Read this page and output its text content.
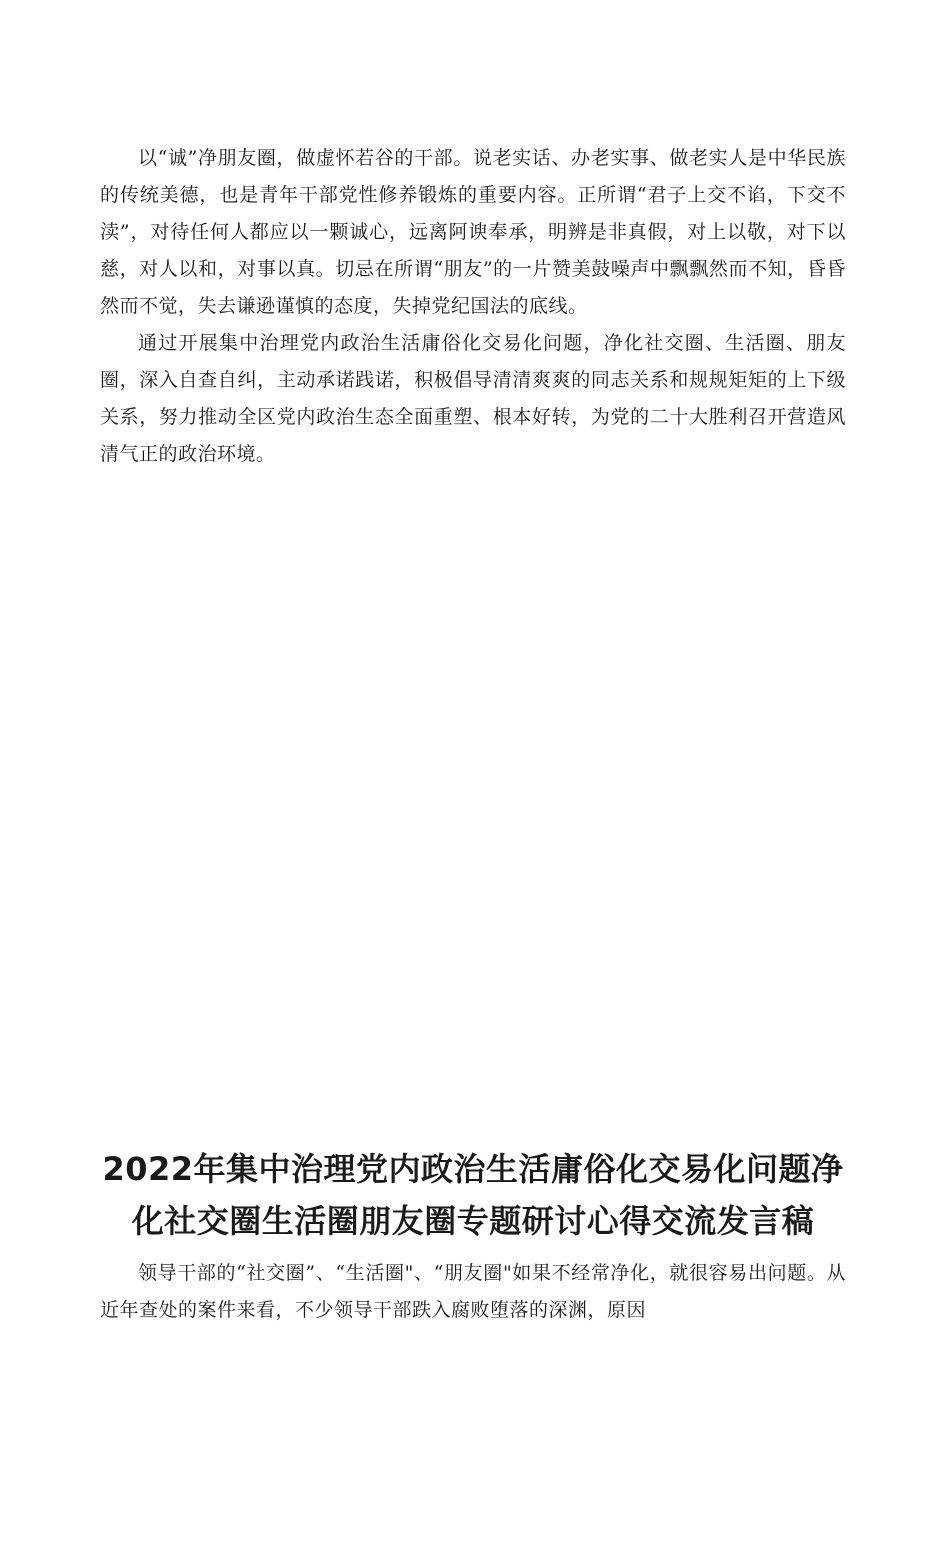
以“诚”净朋友圈，做虚怀若谷的干部。说老实话、办老实事、做老实人是中华民族的传统美德，也是青年干部党性修养锻炼的重要内容。正所谓“君子上交不谄，下交不渎”，对待任何人都应以一颗诚心，远离阿谀奉承，明辨是非真假，对上以敬，对下以慈，对人以和，对事以真。切忌在所谓“朋友”的一片赞美鼓噪声中飘飘然而不知，昏昏然而不觉，失去谦逊谨慎的态度，失掉党纪国法的底线。

通过开展集中治理党内政治生活庸俗化交易化问题，净化社交圈、生活圈、朋友圈，深入自查自纠，主动承诺践诺，积极倡导清清爽爽的同志关系和规规矩矩的上下级关系，努力推动全区党内政治生态全面重塑、根本好转，为党的二十大胜利召开营造风清气正的政治环境。

2022年集中治理党内政治生活庸俗化交易化问题净化社交圈生活圈朋友圈专题研讨心得交流发言稿

领导干部的“社交圈”、“生活圈"、“朋友圈"如果不经常净化，就很容易出问题。从近年查处的案件来看，不少领导干部跌入腐败堕落的深渊，原因
